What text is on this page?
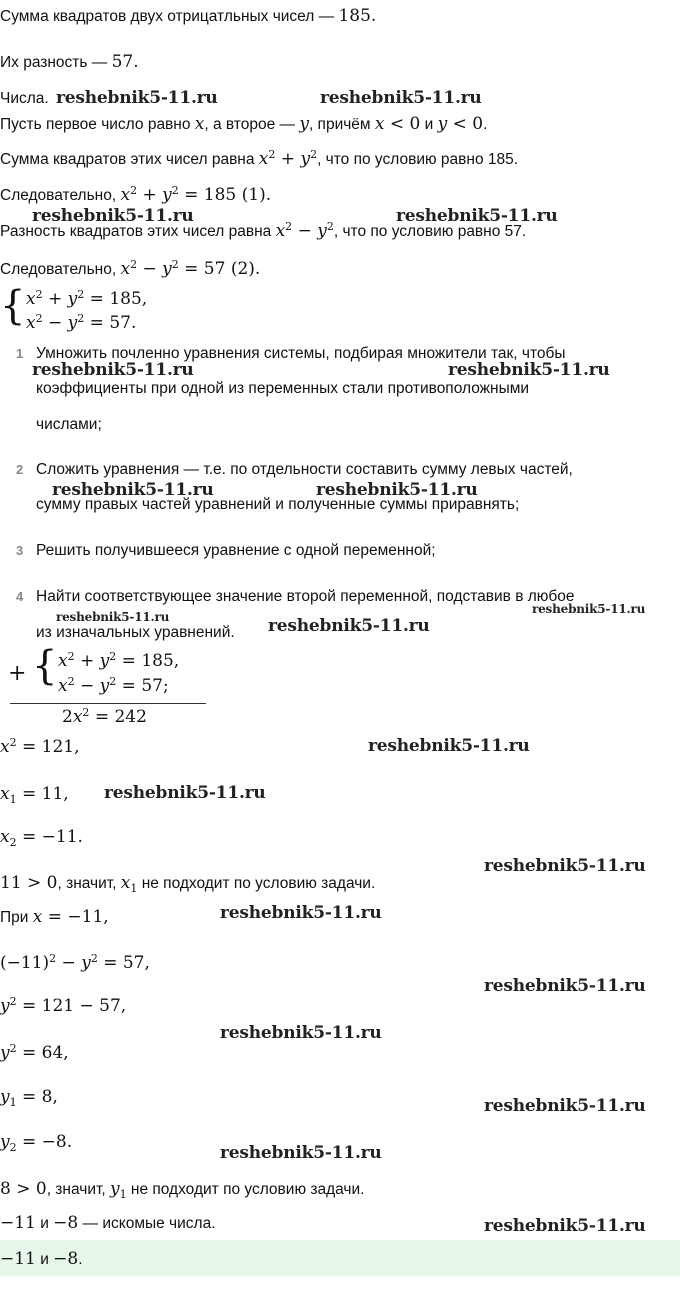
Сумма квадратов двух отрицатльных чисел — 185.
Их разность — 57.
Числа. reshebnik5-11.ru	reshebnik5-11.ru
Пусть первое число равно x, а второе — y, причём x < 0 и y < 0.
Сумма квадратов этих чисел равна $x^2 + y^2$, что по условию равно 185.
Следовательно, $x^2 + y^2 = 185$ (1).
reshebnik5-11.ru	reshebnik5-11.ru
Разность квадратов этих чисел равна $x^2 - y^2$, что по условию равно 57.
Следовательно, $x^2 - y^2 = 57$ (2).
{ $x^2 + y^2 = 185$,
$x^2 - y^2 = 57$.
1 Умножить почленно уравнения системы, подбирая множители так, чтобы
reshebnik5-11.ru	reshebnik5-11.ru
коэффициенты при одной из переменных стали противоположными
числами;
2 Сложить уравнения — т.е. по отдельности составить сумму левых частей,
reshebnik5-11.ru	reshebnik5-11.ru
сумму правых частей уравнений и полученные суммы приравнять;
3 Решить получившееся уравнение с одной переменной;
4 Найти соответствующее значение второй переменной, подставив в любое
reshebnik5-11.ru
reshebnik5-11.ru
из изначальных уравнений. reshebnik5-11.ru
+ { $x^2 + y^2 = 185$,
$x^2 - y^2 = 57$;
$2x^2 = 242$
$x^2 = 121$,	reshebnik5-11.ru
$x_1 = 11$, reshebnik5-11.ru
$x_2 = -11$.
reshebnik5-11.ru
11 > 0, значит, $x_1$ не подходит по условию задачи.
При x = −11,	reshebnik5-11.ru
$(-11)^2 - y^2 = 57$,
reshebnik5-11.ru
$y^2 = 121 - 57$,
reshebnik5-11.ru
$y^2 = 64$,
$y_1 = 8$,	reshebnik5-11.ru
$y_2 = -8$.
reshebnik5-11.ru
8 > 0, значит, $y_1$ не подходит по условию задачи.
−11 и −8 — искомые числа.	reshebnik5-11.ru
−11 и −8.
